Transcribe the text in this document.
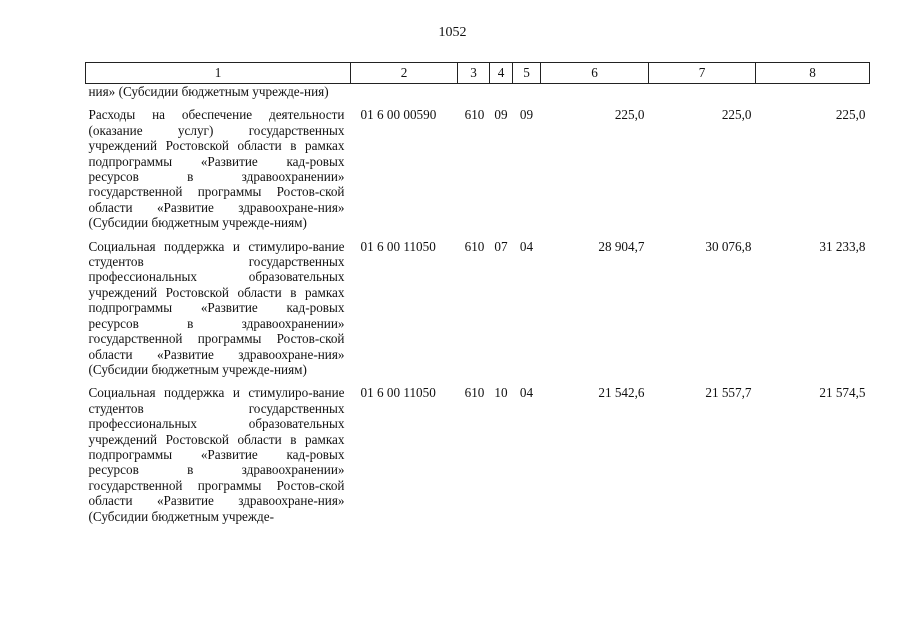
1052
1	2	3	4	5	6	7	8
ния» (Субсидии бюджетным учрежде-ния)							
Расходы на обеспечение деятельности (оказание услуг) государственных учреждений Ростовской области в рамках подпрограммы «Развитие кад-ровых ресурсов в здравоохранении» государственной программы Ростов-ской области «Развитие здравоохране-ния» (Субсидии бюджетным учрежде-ниям)	01 6 00 00590	610	09	09	225,0	225,0	225,0
Социальная поддержка и стимулиро-вание студентов государственных профессиональных образовательных учреждений Ростовской области в рамках подпрограммы «Развитие кад-ровых ресурсов в здравоохранении» государственной программы Ростов-ской области «Развитие здравоохране-ния» (Субсидии бюджетным учрежде-ниям)	01 6 00 11050	610	07	04	28 904,7	30 076,8	31 233,8
Социальная поддержка и стимулиро-вание студентов государственных профессиональных образовательных учреждений Ростовской области в рамках подпрограммы «Развитие кад-ровых ресурсов в здравоохранении» государственной программы Ростов-ской области «Развитие здравоохране-ния» (Субсидии бюджетным учрежде-	01 6 00 11050	610	10	04	21 542,6	21 557,7	21 574,5
